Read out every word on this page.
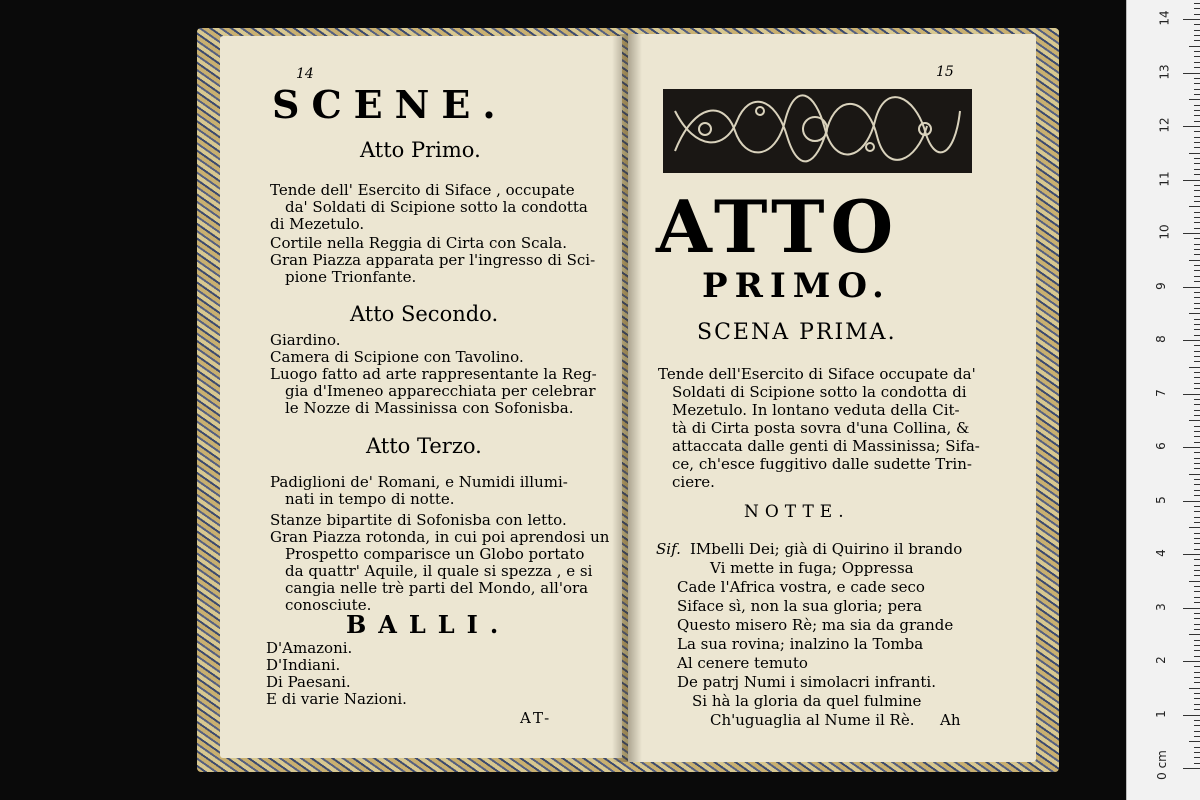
14
SCENE.
Atto Primo.
Tende dell' Esercito di Siface , occupate
da' Soldati di Scipione sotto la condotta
di Mezetulo.
Cortile nella Reggia di Cirta con Scala.
Gran Piazza apparata per l'ingresso di Sci-
pione Trionfante.
Atto Secondo.
Giardino.
Camera di Scipione con Tavolino.
Luogo fatto ad arte rappresentante la Reg-
gia d'Imeneo apparecchiata per celebrar
le Nozze di Massinissa con Sofonisba.
Atto Terzo.
Padiglioni de' Romani, e Numidi illumi-
nati in tempo di notte.
Stanze bipartite di Sofonisba con letto.
Gran Piazza rotonda, in cui poi aprendosi un
Prospetto comparisce un Globo portato
da quattr' Aquile, il quale si spezza , e si
cangia nelle trè parti del Mondo, all'ora
conosciute.
BALLI.
D'Amazoni.
D'Indiani.
Di Paesani.
E di varie Nazioni.
AT-
15
ATTO
PRIMO.
SCENA PRIMA.
Tende dell'Esercito di Siface occupate da'
Soldati di Scipione sotto la condotta di
Mezetulo. In lontano veduta della Cit-
tà di Cirta posta sovra d'una Collina, &
attaccata dalle genti di Massinissa; Sifa-
ce, ch'esce fuggitivo dalle sudette Trin-
ciere.
NOTTE.
Sif. IMbelli Dei; già di Quirino il brando
Vi mette in fuga; Oppressa
Cade l'Africa vostra, e cade seco
Siface sì, non la sua gloria; pera
Questo misero Rè; ma sia da grande
La sua rovina; inalzino la Tomba
Al cenere temuto
De patrj Numi i simolacri infranti.
Si hà la gloria da quel fulmine
Ch'uguaglia al Nume il Rè. Ah
0 cm
1
2
3
4
5
6
7
8
9
10
11
12
13
14
